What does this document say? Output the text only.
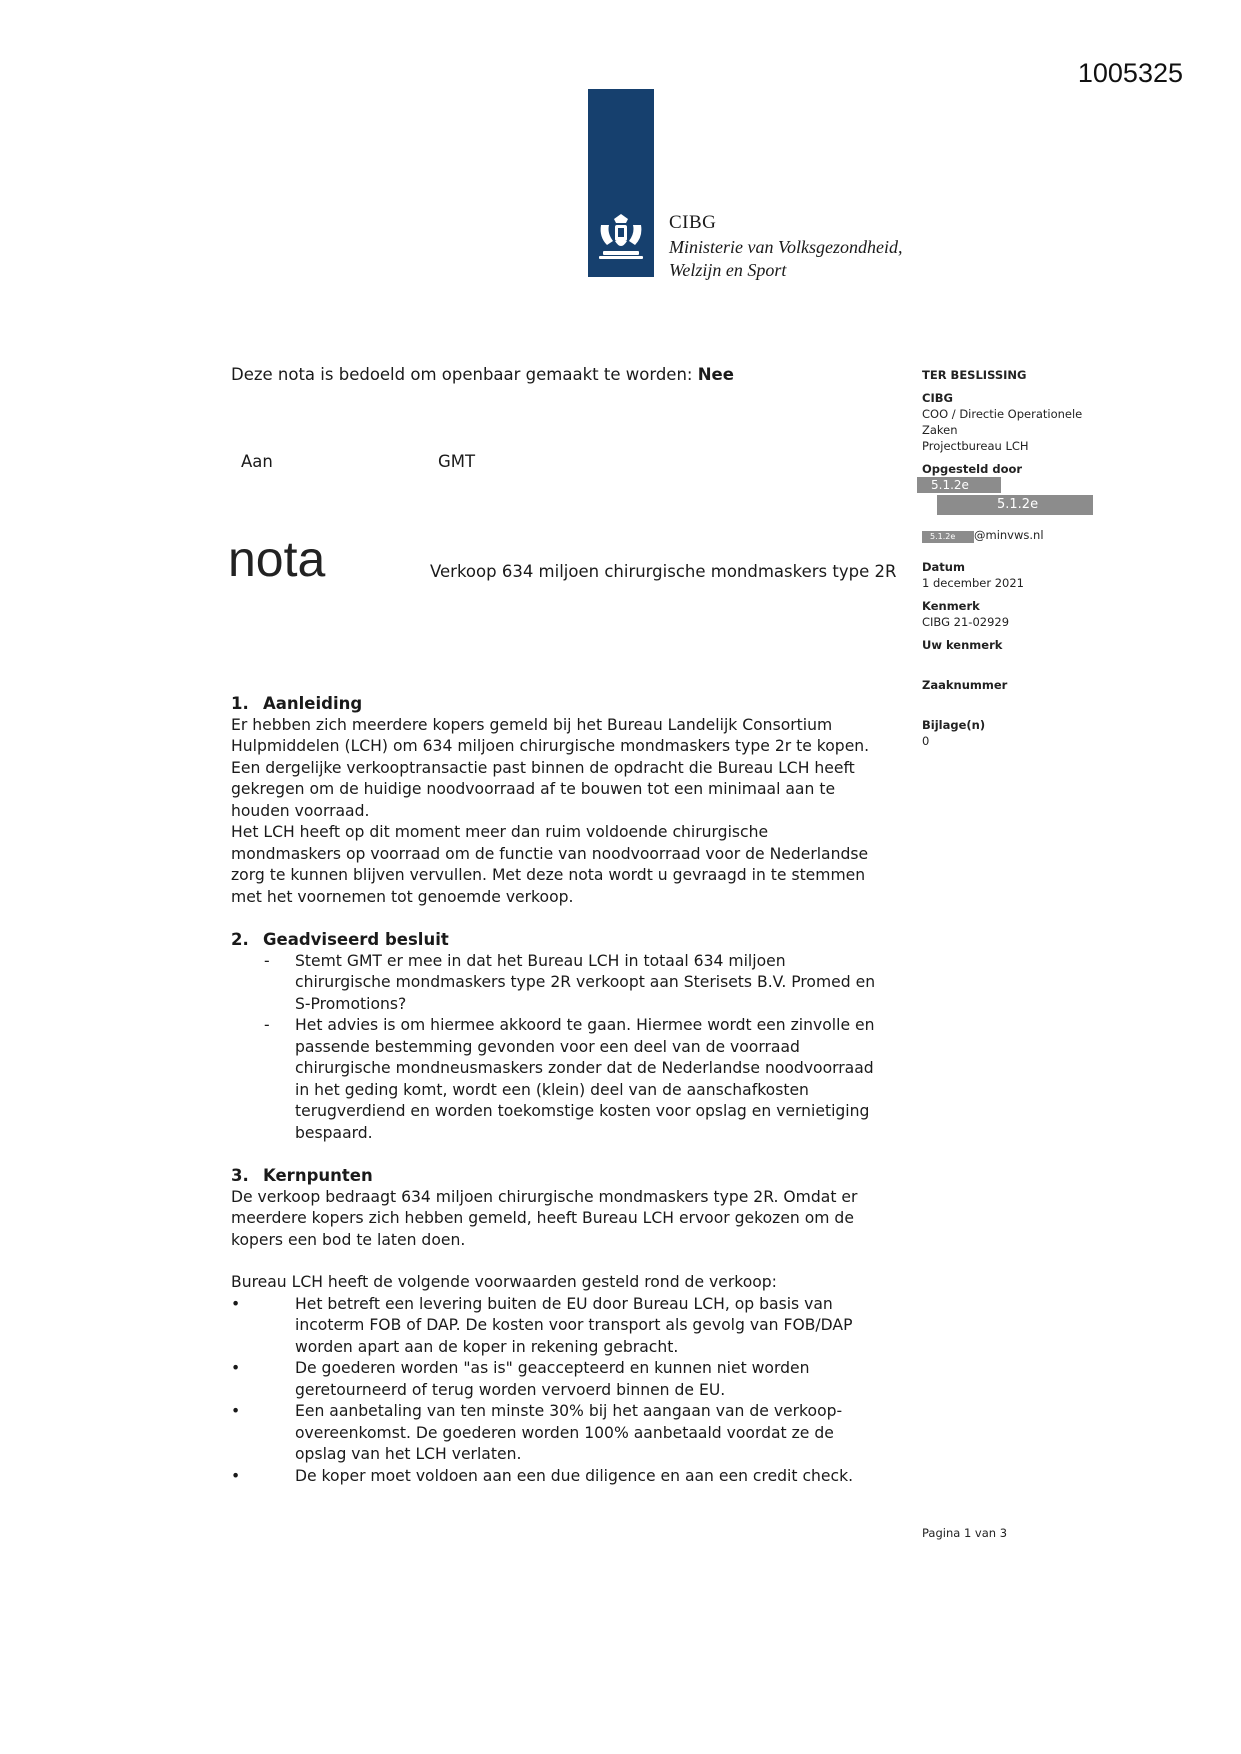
1005325
CIBG
Ministerie van Volksgezondheid,
Welzijn en Sport
Deze nota is bedoeld om openbaar gemaakt te worden: Nee
Aan	GMT
nota	Verkoop 634 miljoen chirurgische mondmaskers type 2R
TER BESLISSING
CIBG
COO / Directie Operationele
Zaken
Projectbureau LCH
Opgesteld door
5.1.2e
5.1.2e
5.1.2e @minvws.nl
Datum
1 december 2021
Kenmerk
CIBG 21-02929
Uw kenmerk
Zaaknummer
Bijlage(n)
0
1. Aanleiding

Er hebben zich meerdere kopers gemeld bij het Bureau Landelijk Consortium

Hulpmiddelen (LCH) om 634 miljoen chirurgische mondmaskers type 2r te kopen.

Een dergelijke verkooptransactie past binnen de opdracht die Bureau LCH heeft

gekregen om de huidige noodvoorraad af te bouwen tot een minimaal aan te

houden voorraad.

Het LCH heeft op dit moment meer dan ruim voldoende chirurgische

mondmaskers op voorraad om de functie van noodvoorraad voor de Nederlandse

zorg te kunnen blijven vervullen. Met deze nota wordt u gevraagd in te stemmen

met het voornemen tot genoemde verkoop.

2. Geadviseerd besluit
- Stemt GMT er mee in dat het Bureau LCH in totaal 634 miljoen

chirurgische mondmaskers type 2R verkoopt aan Sterisets B.V. Promed en

S-Promotions?

- Het advies is om hiermee akkoord te gaan. Hiermee wordt een zinvolle en

passende bestemming gevonden voor een deel van de voorraad

chirurgische mondneusmaskers zonder dat de Nederlandse noodvoorraad

in het geding komt, wordt een (klein) deel van de aanschafkosten

terugverdiend en worden toekomstige kosten voor opslag en vernietiging

bespaard.

3. Kernpunten

De verkoop bedraagt 634 miljoen chirurgische mondmaskers type 2R. Omdat er

meerdere kopers zich hebben gemeld, heeft Bureau LCH ervoor gekozen om de

kopers een bod te laten doen.

Bureau LCH heeft de volgende voorwaarden gesteld rond de verkoop:

•	Het betreft een levering buiten de EU door Bureau LCH, op basis van

incoterm FOB of DAP. De kosten voor transport als gevolg van FOB/DAP

worden apart aan de koper in rekening gebracht.

•	De goederen worden "as is" geaccepteerd en kunnen niet worden

geretourneerd of terug worden vervoerd binnen de EU.

•	Een aanbetaling van ten minste 30% bij het aangaan van de verkoop-

overeenkomst. De goederen worden 100% aanbetaald voordat ze de

opslag van het LCH verlaten.

•	De koper moet voldoen aan een due diligence en aan een credit check.

Pagina 1 van 3
